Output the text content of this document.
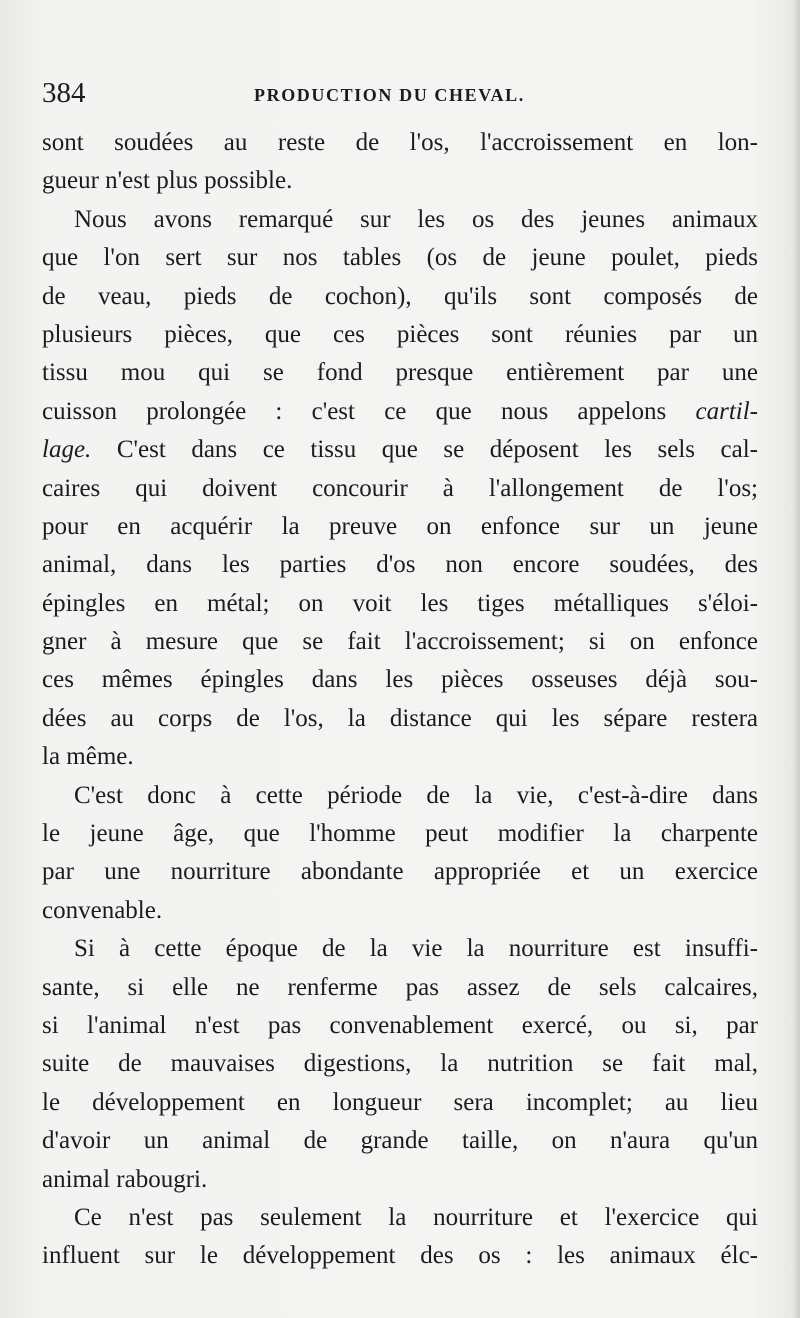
384	PRODUCTION DU CHEVAL.
sont soudées au reste de l'os, l'accroissement en lon-
gueur n'est plus possible.
Nous avons remarqué sur les os des jeunes animaux
que l'on sert sur nos tables (os de jeune poulet, pieds
de veau, pieds de cochon), qu'ils sont composés de
plusieurs pièces, que ces pièces sont réunies par un
tissu mou qui se fond presque entièrement par une
cuisson prolongée : c'est ce que nous appelons cartil-
lage. C'est dans ce tissu que se déposent les sels cal-
caires qui doivent concourir à l'allongement de l'os;
pour en acquérir la preuve on enfonce sur un jeune
animal, dans les parties d'os non encore soudées, des
épingles en métal; on voit les tiges métalliques s'éloi-
gner à mesure que se fait l'accroissement; si on enfonce
ces mêmes épingles dans les pièces osseuses déjà sou-
dées au corps de l'os, la distance qui les sépare restera
la même.
C'est donc à cette période de la vie, c'est-à-dire dans
le jeune âge, que l'homme peut modifier la charpente
par une nourriture abondante appropriée et un exercice
convenable.
Si à cette époque de la vie la nourriture est insuffi-
sante, si elle ne renferme pas assez de sels calcaires,
si l'animal n'est pas convenablement exercé, ou si, par
suite de mauvaises digestions, la nutrition se fait mal,
le développement en longueur sera incomplet; au lieu
d'avoir un animal de grande taille, on n'aura qu'un
animal rabougri.
Ce n'est pas seulement la nourriture et l'exercice qui
influent sur le développement des os : les animaux élc-
